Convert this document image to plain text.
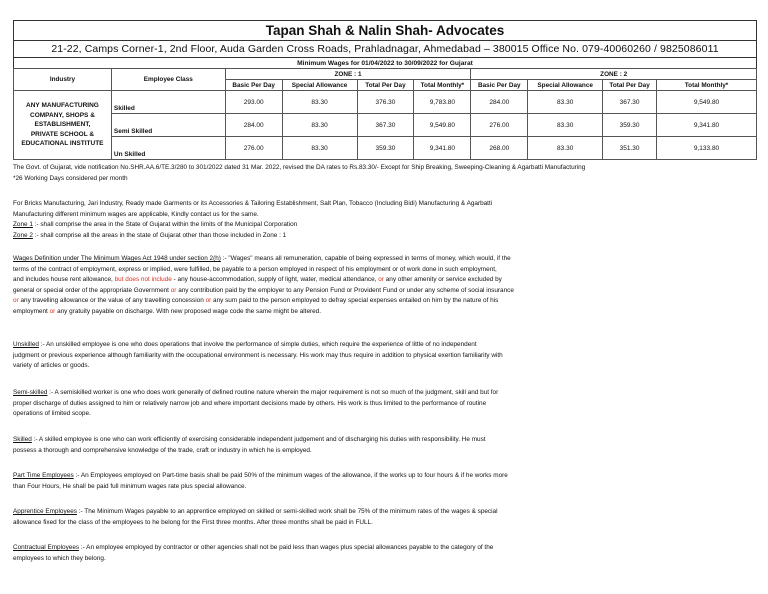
Tapan Shah & Nalin Shah- Advocates
21-22, Camps Corner-1, 2nd Floor, Auda Garden Cross Roads, Prahladnagar, Ahmedabad – 380015 Office No. 079-40060260 / 9825086011
Minimum Wages for 01/04/2022 to 30/09/2022 for Gujarat
Industry	Employee Class	ZONE : 1				ZONE : 2			
		Basic Per Day	Special Allowance	Total Per Day	Total Monthly*	Basic Per Day	Special Allowance	Total Per Day	Total Monthly*

ANY MANUFACTURING
COMPANY, SHOPS &
ESTABLISHMENT,
PRIVATE SCHOOL &
EDUCATIONAL INSTITUTE	Skilled	293.00	83.30	376.30	9,783.80	284.00	83.30	367.30	9,549.80
	Semi Skilled	284.00	83.30	367.30	9,549.80	276.00	83.30	359.30	9,341.80
	Un Skilled	276.00	83.30	359.30	9,341.80	268.00	83.30	351.30	9,133.80

The Govt. of Gujarat, vide notification No.SHR.AA.6/TE.3/280 to 301/2022 dated 31 Mar. 2022, revised the DA rates to Rs.83.30/- Except for Ship Breaking, Sweeping-Cleaning & Agarbatti Manufacturing

*26 Working Days considered per month

For Bricks Manufacturing, Jari Industry, Ready made Garments or its Accessories & Tailoring Establishment, Salt Plan, Tobacco (Including Bidi) Manufacturing & Agarbatti

Manufacturing different minimum wages are applicable, Kindly contact us for the same.

Zone 1 :- shall comprise the area in the State of Gujarat within the limits of the Municipal Corporation

Zone 2 :- shall comprise all the areas in the state of Gujarat other than those included in Zone : 1

Wages Definition under The Minimum Wages Act 1948 under section 2(h) :- "Wages" means all remuneration, capable of being expressed in terms of money, which would, if the

terms of the contract of employment, express or implied, were fulfilled, be payable to a person employed in respect of his employment or of work done in such employment,

and includes house rent allowance, but does not include - any house-accommodation, supply of light, water, medical attendance, or any other amenity or service excluded by

general or special order of the appropriate Government or any contribution paid by the employer to any Pension Fund or Provident Fund or under any scheme of social insurance

or any travelling allowance or the value of any travelling concession or any sum paid to the person employed to defray special expenses entailed on him by the nature of his

employment or any gratuity payable on discharge. With new proposed wage code the same might be altered.

Unskilled :- An unskilled employee is one who does operations that involve the performance of simple duties, which require the experience of little of no independent

judgment or previous experience although familiarity with the occupational environment is necessary. His work may thus require in addition to physical exertion familiarity with

variety of articles or goods.

Semi-skilled :- A semiskilled worker is one who does work generally of defined routine nature wherein the major requirement is not so much of the judgment, skill and but for

proper discharge of duties assigned to him or relatively narrow job and where important decisions made by others. His work is thus limited to the performance of routine

operations of limited scope.

Skilled :- A skilled employee is one who can work efficiently of exercising considerable independent judgement and of discharging his duties with responsibility. He must

possess a thorough and comprehensive knowledge of the trade, craft or industry in which he is employed.

Part Time Employees :- An Employees employed on Part-time basis shall be paid 50% of the minimum wages of the allowance, if the works up to four hours & if he works more

than Four Hours, He shall be paid full minimum wages rate plus special allowance.

Apprentice Employees :- The Minimum Wages payable to an apprentice employed on skilled or semi-skilled work shall be 75% of the minimum rates of the wages & special

allowance fixed for the class of the employees to he belong for the First three months. After three months shall be paid in FULL.

Contractual Employees :- An employee employed by contractor or other agencies shall not be paid less than wages plus special allowances payable to the category of the

employees to which they belong.
